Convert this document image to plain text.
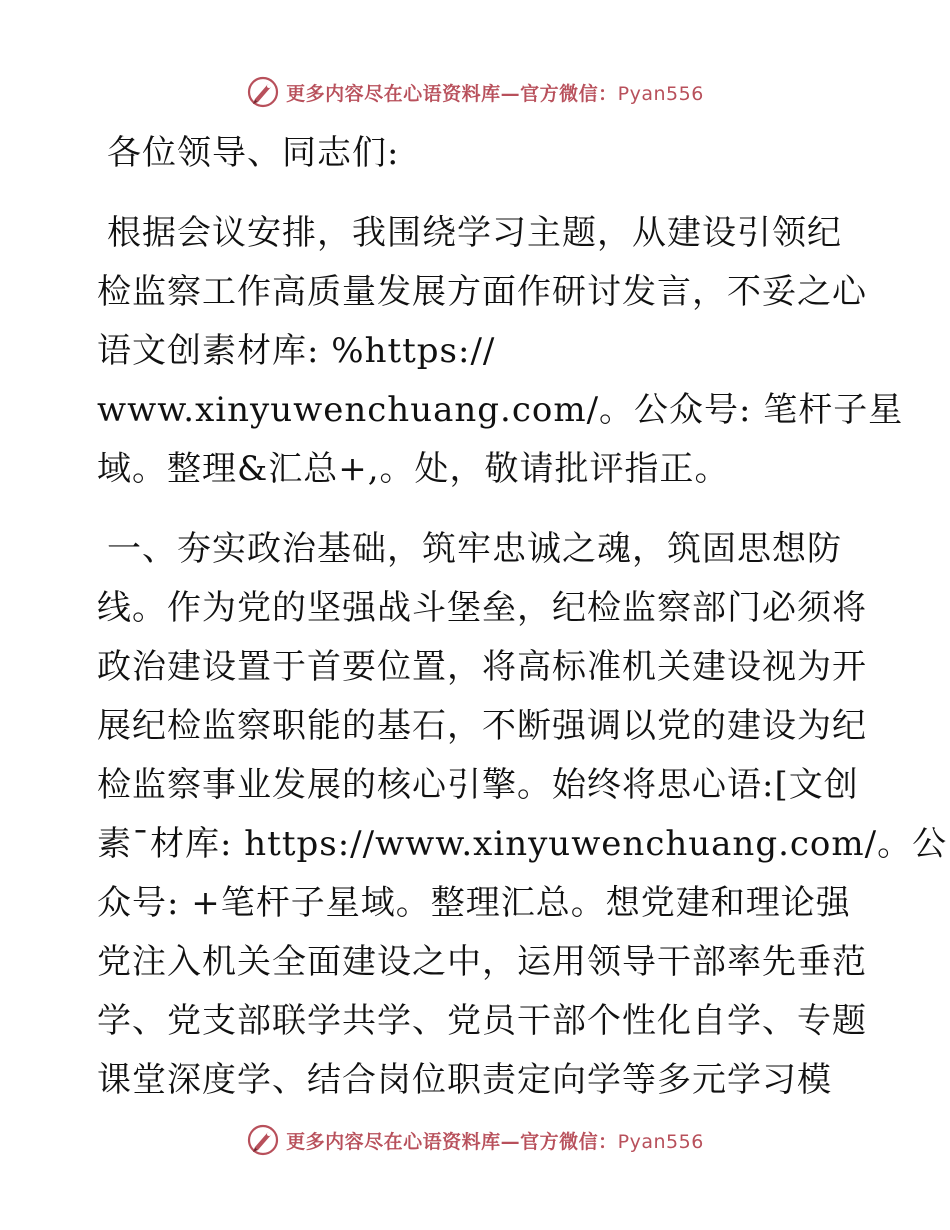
更多内容尽在心语资料库—官方微信：Pyan556
各位领导、同志们:
根据会议安排，我围绕学习主题，从建设引领纪
检监察工作高质量发展方面作研讨发言，不妥之心
语文创素材库: %https://
www.xinyuwenchuang.com/。公众号: 笔杆子星
域。整理&汇总+,。处，敬请批评指正。
一、夯实政治基础，筑牢忠诚之魂，筑固思想防
线。作为党的坚强战斗堡垒，纪检监察部门必须将
政治建设置于首要位置，将高标准机关建设视为开
展纪检监察职能的基石，不断强调以党的建设为纪
检监察事业发展的核心引擎。始终将思心语:[文创
素¯材库: https://www.xinyuwenchuang.com/。公
众号: +笔杆子星域。整理汇总。想党建和理论强
党注入机关全面建设之中，运用领导干部率先垂范
学、党支部联学共学、党员干部个性化自学、专题
课堂深度学、结合岗位职责定向学等多元学习模
更多内容尽在心语资料库—官方微信：Pyan556
